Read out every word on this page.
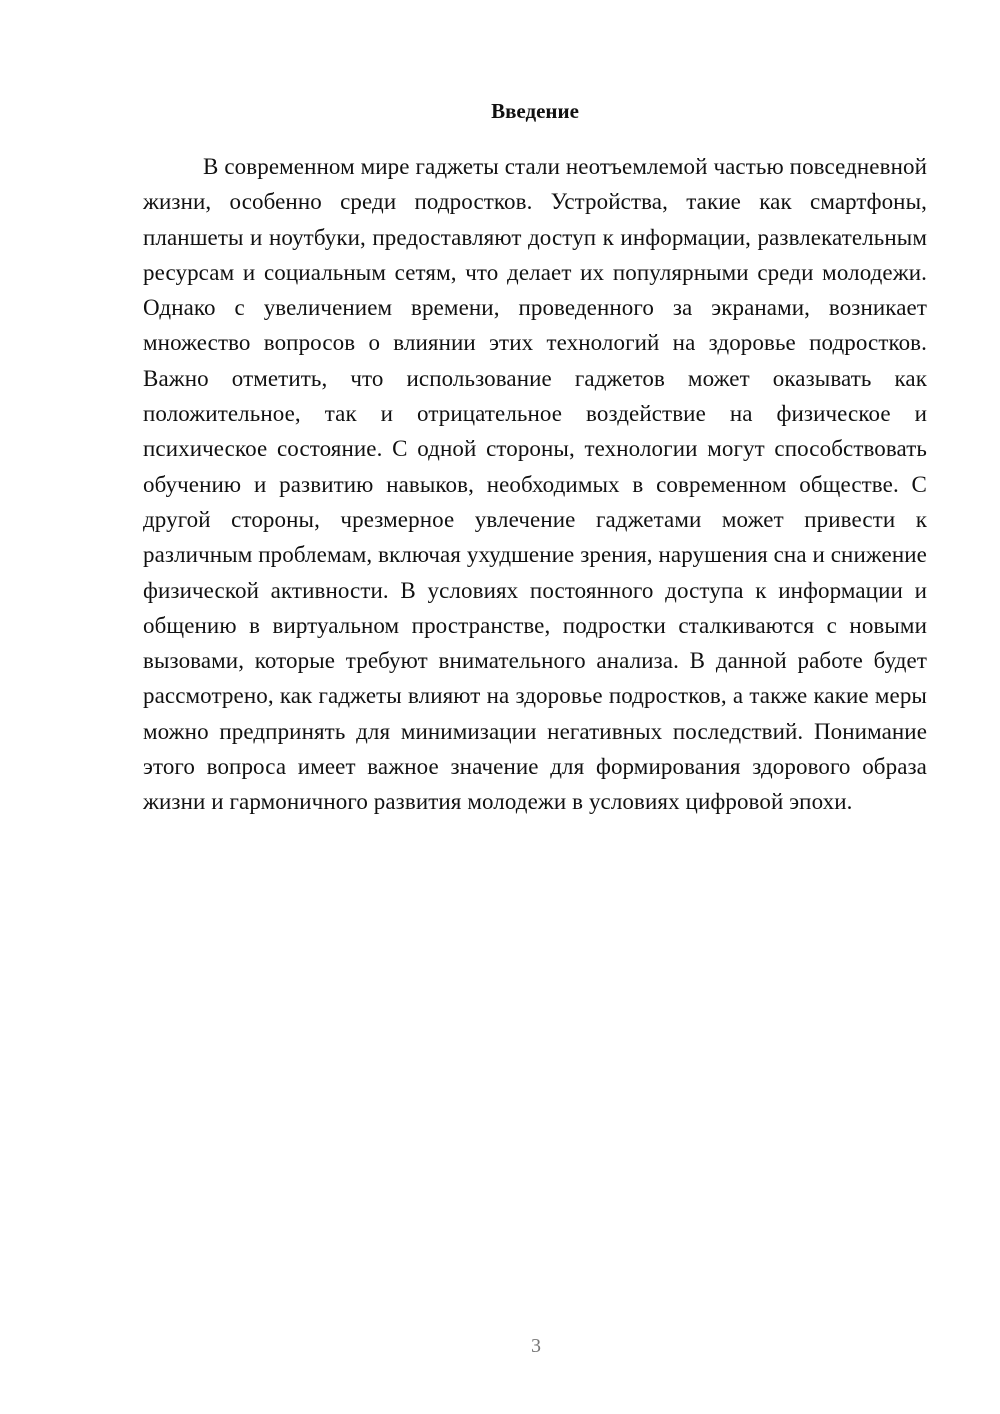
Введение

В современном мире гаджеты стали неотъемлемой частью повседневной жизни, особенно среди подростков. Устройства, такие как смартфоны, планшеты и ноутбуки, предоставляют доступ к информации, развлекательным ресурсам и социальным сетям, что делает их популярными среди молодежи. Однако с увеличением времени, проведенного за экранами, возникает множество вопросов о влиянии этих технологий на здоровье подростков. Важно отметить, что использование гаджетов может оказывать как положительное, так и отрицательное воздействие на физическое и психическое состояние. С одной стороны, технологии могут способствовать обучению и развитию навыков, необходимых в современном обществе. С другой стороны, чрезмерное увлечение гаджетами может привести к различным проблемам, включая ухудшение зрения, нарушения сна и снижение физической активности. В условиях постоянного доступа к информации и общению в виртуальном пространстве, подростки сталкиваются с новыми вызовами, которые требуют внимательного анализа. В данной работе будет рассмотрено, как гаджеты влияют на здоровье подростков, а также какие меры можно предпринять для минимизации негативных последствий. Понимание этого вопроса имеет важное значение для формирования здорового образа жизни и гармоничного развития молодежи в условиях цифровой эпохи.

3
